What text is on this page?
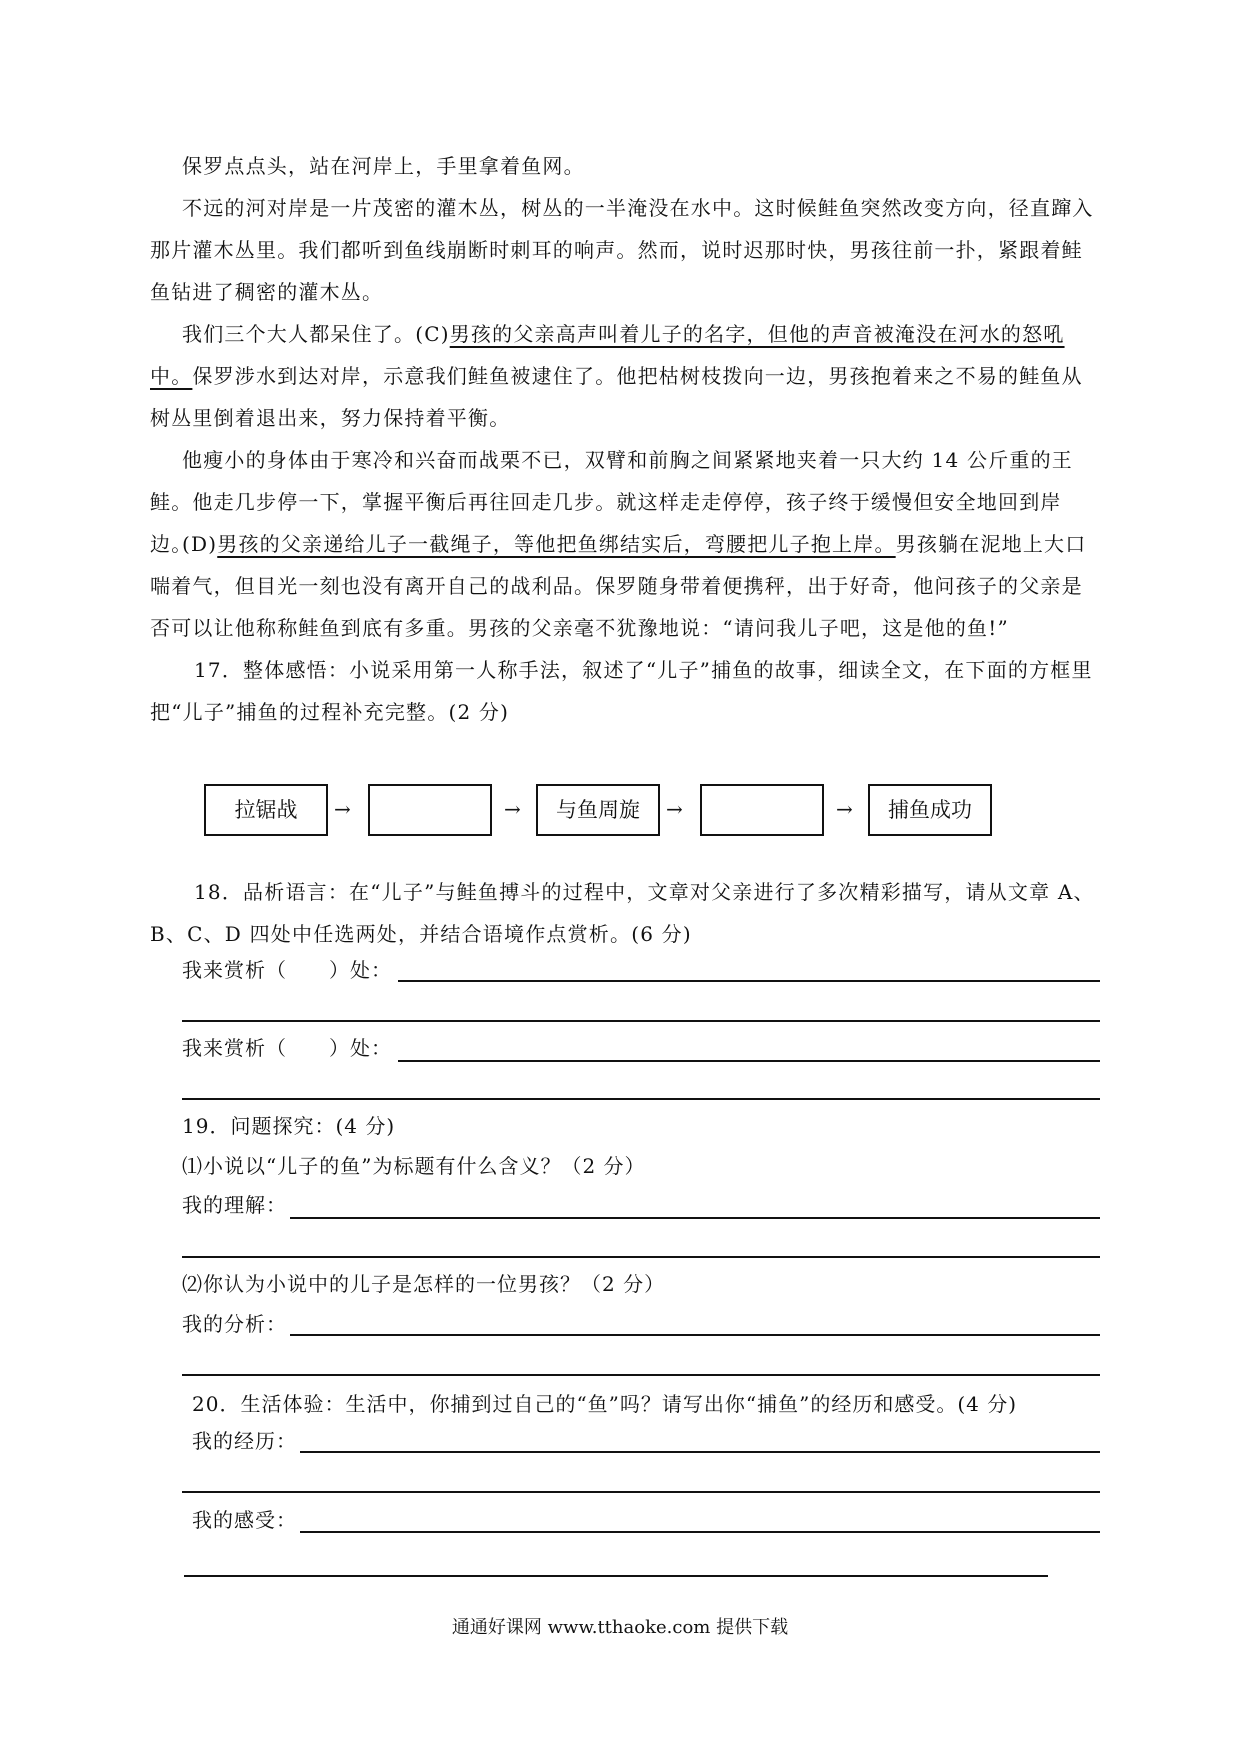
保罗点点头，站在河岸上，手里拿着鱼网。

不远的河对岸是一片茂密的灌木丛，树丛的一半淹没在水中。这时候鲑鱼突然改变方向，径直蹿入那片灌木丛里。我们都听到鱼线崩断时刺耳的响声。然而，说时迟那时快，男孩往前一扑，紧跟着鲑鱼钻进了稠密的灌木丛。

我们三个大人都呆住了。(C)男孩的父亲高声叫着儿子的名字，但他的声音被淹没在河水的怒吼中。保罗涉水到达对岸，示意我们鲑鱼被逮住了。他把枯树枝拨向一边，男孩抱着来之不易的鲑鱼从树丛里倒着退出来，努力保持着平衡。

他瘦小的身体由于寒冷和兴奋而战栗不已，双臂和前胸之间紧紧地夹着一只大约 14 公斤重的王鲑。他走几步停一下，掌握平衡后再往回走几步。就这样走走停停，孩子终于缓慢但安全地回到岸边。

(D)男孩的父亲递给儿子一截绳子，等他把鱼绑结实后，弯腰把儿子抱上岸。男孩躺在泥地上大口喘着气，但目光一刻也没有离开自己的战利品。保罗随身带着便携秤，出于好奇，他问孩子的父亲是否可以让他称称鲑鱼到底有多重。男孩的父亲毫不犹豫地说：“请问我儿子吧，这是他的鱼!”

17．整体感悟：小说采用第一人称手法，叙述了“儿子”捕鱼的故事，细读全文，在下面的方框里把“儿子”捕鱼的过程补充完整。(2 分)

拉锯战	→	→	与鱼周旋	→	→	捕鱼成功

18．品析语言：在“儿子”与鲑鱼搏斗的过程中，文章对父亲进行了多次精彩描写，请从文章 A、B、C、D 四处中任选两处，并结合语境作点赏析。(6 分)

我来赏析（　　）处：
我来赏析（　　）处：
19．问题探究：(4 分)
⑴小说以“儿子的鱼”为标题有什么含义？（2 分）
我的理解：
⑵你认为小说中的儿子是怎样的一位男孩？（2 分）
我的分析：
20．生活体验：生活中，你捕到过自己的“鱼”吗？请写出你“捕鱼”的经历和感受。(4 分)
我的经历：
我的感受：
通通好课网 www.tthaoke.com 提供下载
